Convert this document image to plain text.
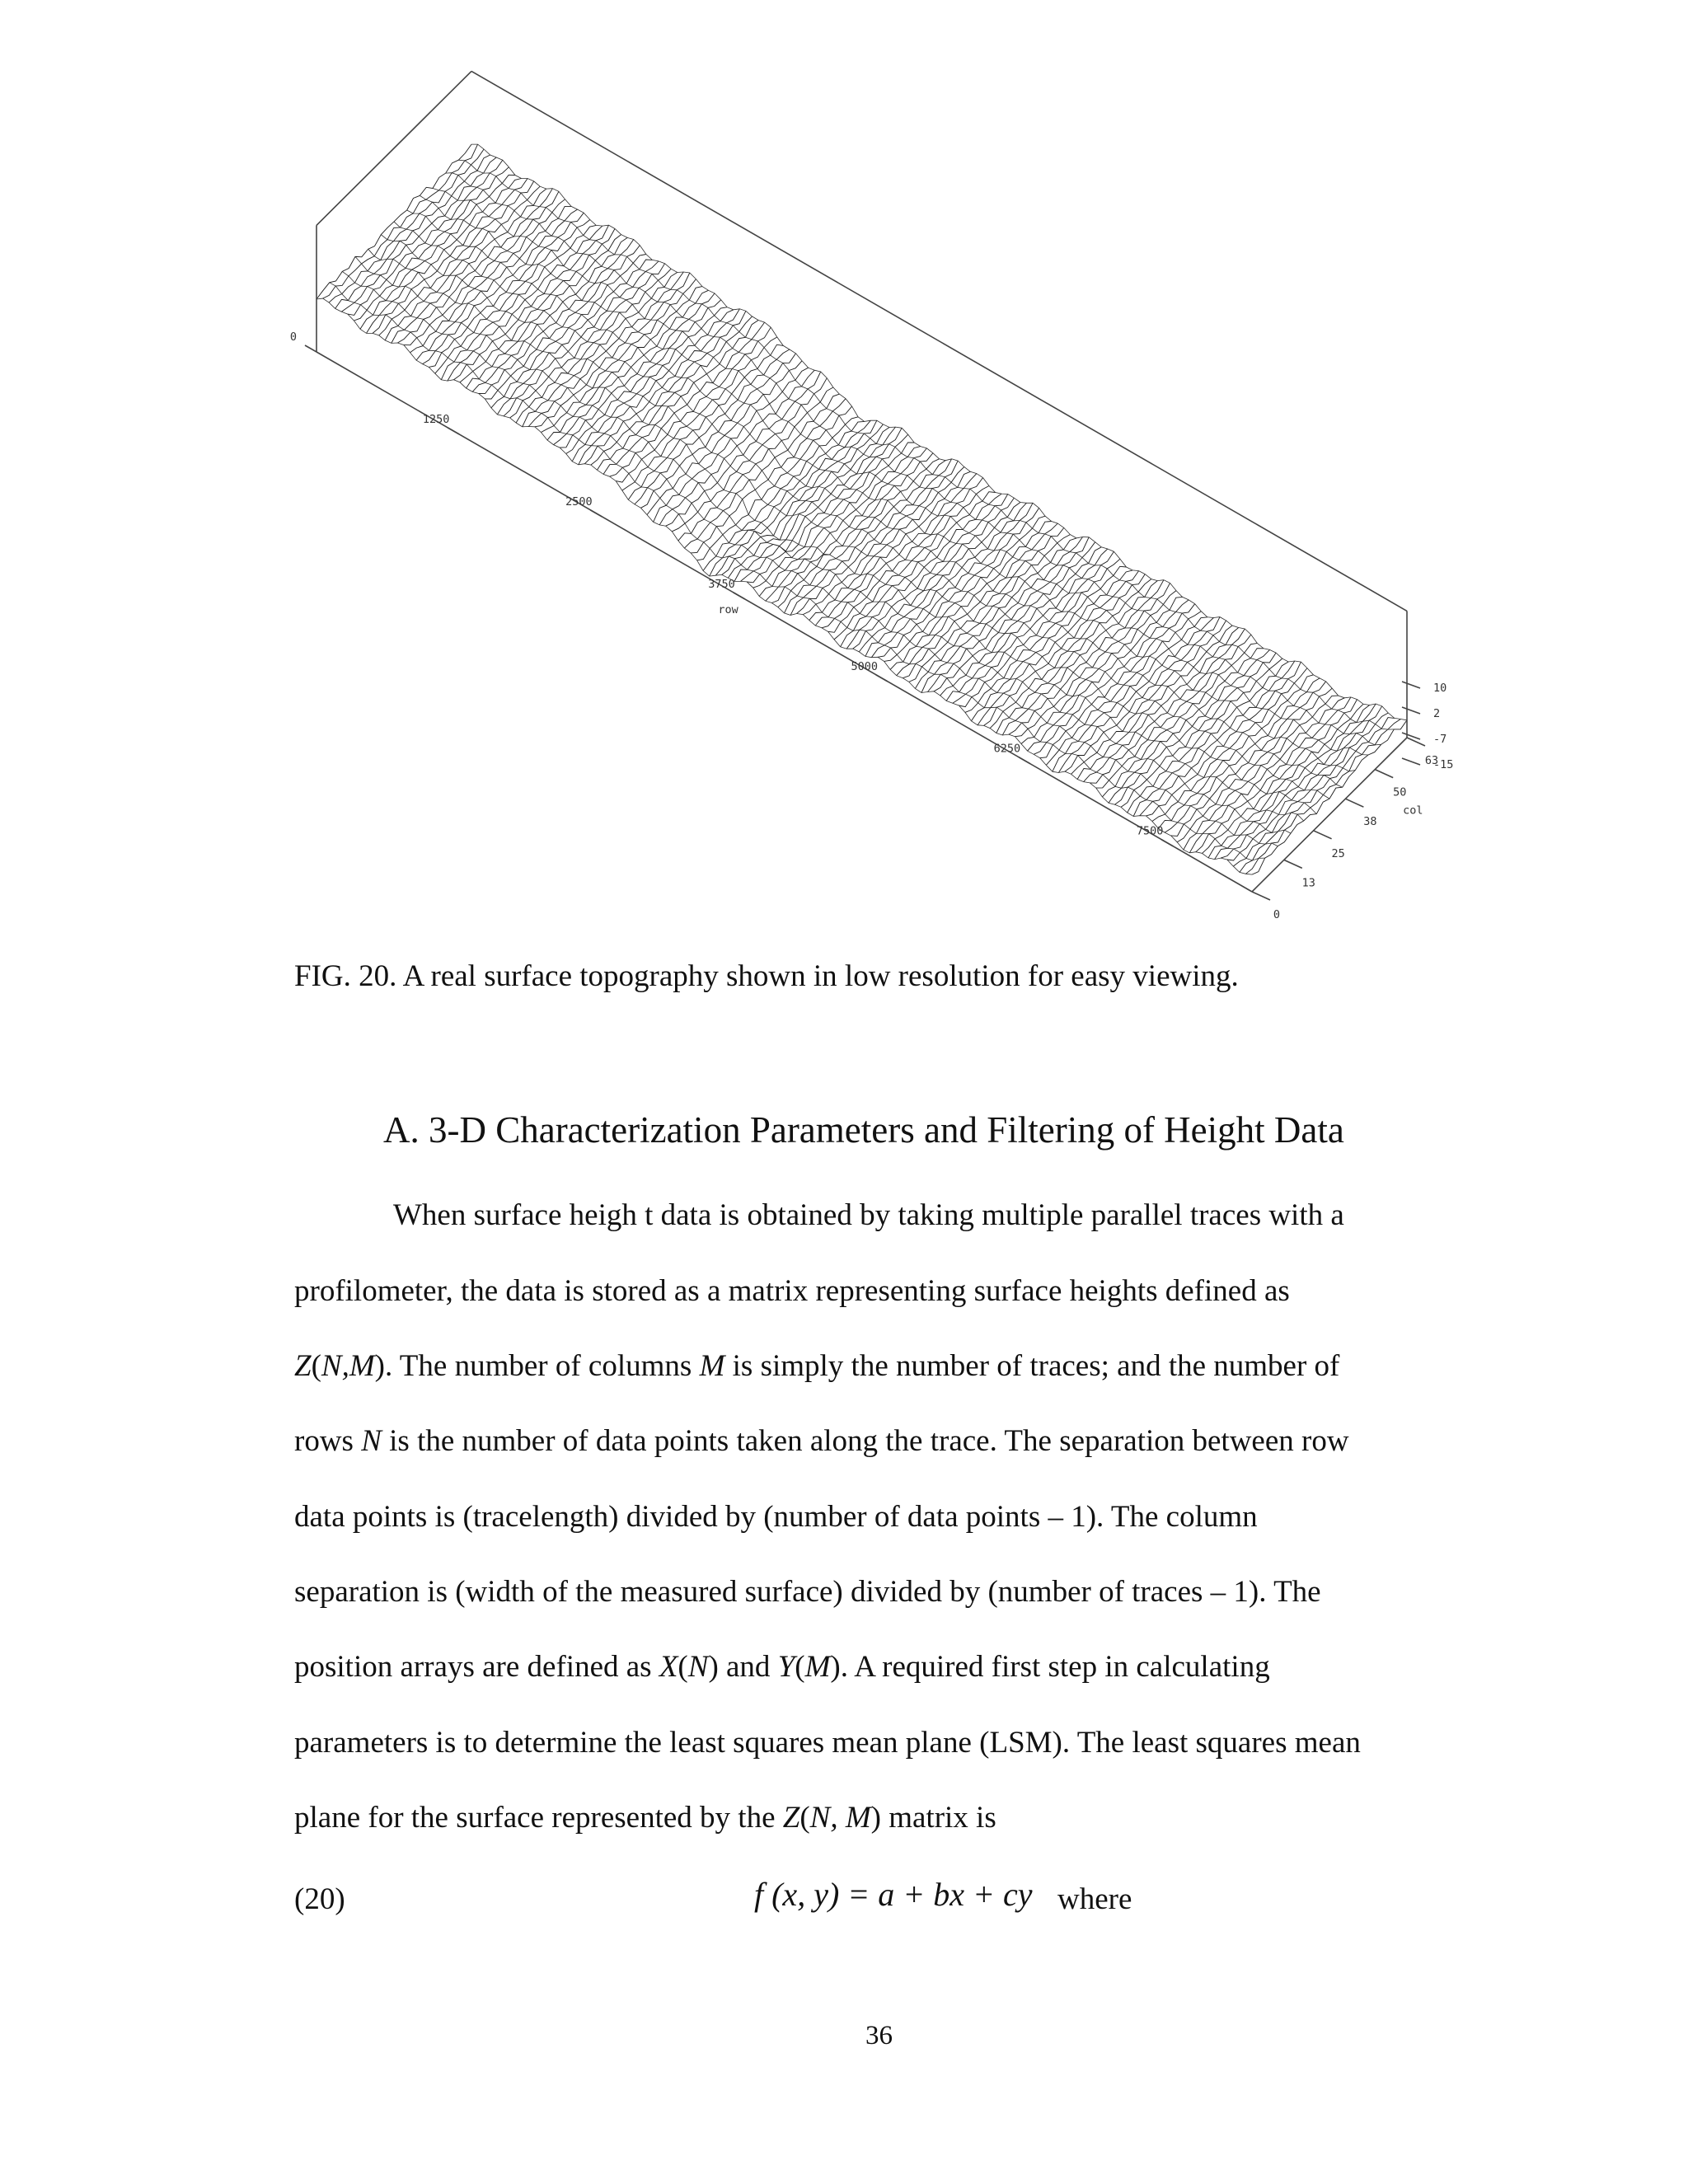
0
1250
2500
3750
5000
6250
7500
row
0
13
25
38
50
63
col
10
2
-7
-15
FIG. 20. A real surface topography shown in low resolution for easy viewing.
A. 3-D Characterization Parameters and Filtering of Height Data
When surface heigh t data is obtained by taking multiple parallel traces with a
profilometer, the data is stored as a matrix representing surface heights defined as
Z(N,M). The number of columns M is simply the number of traces; and the number of
rows N is the number of data points taken along the trace. The separation between row
data points is (tracelength) divided by (number of data points – 1). The column
separation is (width of the measured surface) divided by (number of traces – 1). The
position arrays are defined as X(N) and Y(M). A required first step in calculating
parameters is to determine the least squares mean plane (LSM). The least squares mean
plane for the surface represented by the Z(N, M) matrix is
(20)	f (x, y) = a + bx + cy where
36
